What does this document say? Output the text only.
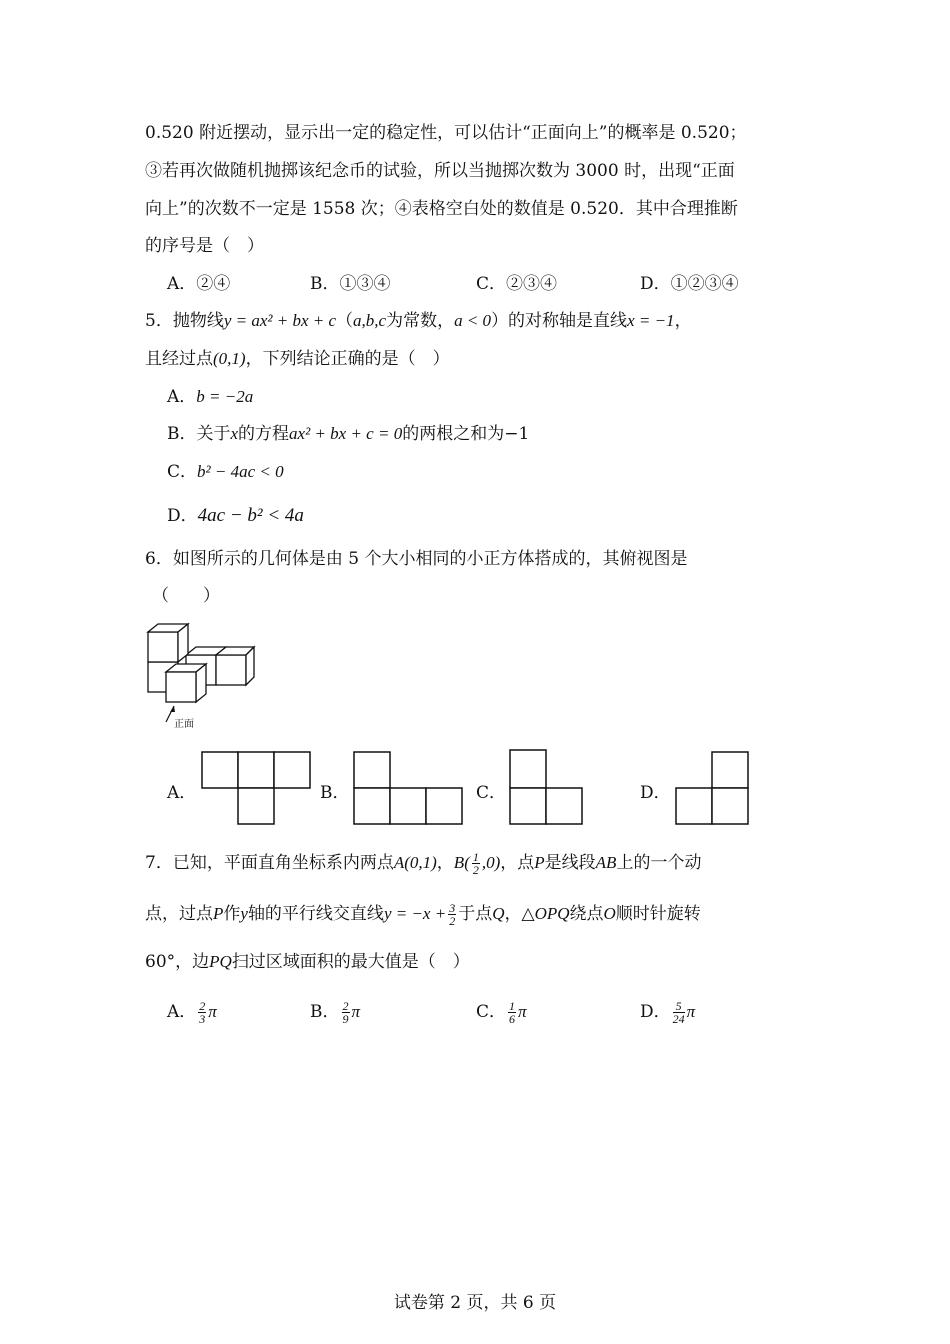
0.520 附近摆动，显示出一定的稳定性，可以估计“正面向上”的概率是 0.520；
③若再次做随机抛掷该纪念币的试验，所以当抛掷次数为 3000 时，出现“正面
向上”的次数不一定是 1558 次；④表格空白处的数值是 0.520．其中合理推断
的序号是（　）
A．②④	B．①③④	C．②③④	D．①②③④
5．抛物线y = ax² + bx + c（a,b,c为常数，a < 0）的对称轴是直线x = −1，
且经过点(0,1)，下列结论正确的是（　）
A．b = −2a
B．关于x的方程ax² + bx + c = 0的两根之和为−1
C．b² − 4ac < 0
D．4ac − b² < 4a
6．如图所示的几何体是由 5 个大小相同的小正方体搭成的，其俯视图是
（　　）
正面
A．	B．	C．	D．
7．已知，平面直角坐标系内两点A(0,1)，$B( \frac{1}{2} ,0)$，点P是线段AB上的一个动
点，过点P作y轴的平行线交直线$y = -x + \frac{3}{2}$ 于点Q，△OPQ绕点O顺时针旋转
60°，边PQ扫过区域面积的最大值是（　）
A． $\frac{2}{3}$ π	B． $\frac{2}{9}$ π	C． $\frac{1}{6}$ π	D． $\frac{5}{24}$ π
试卷第 2 页，共 6 页
